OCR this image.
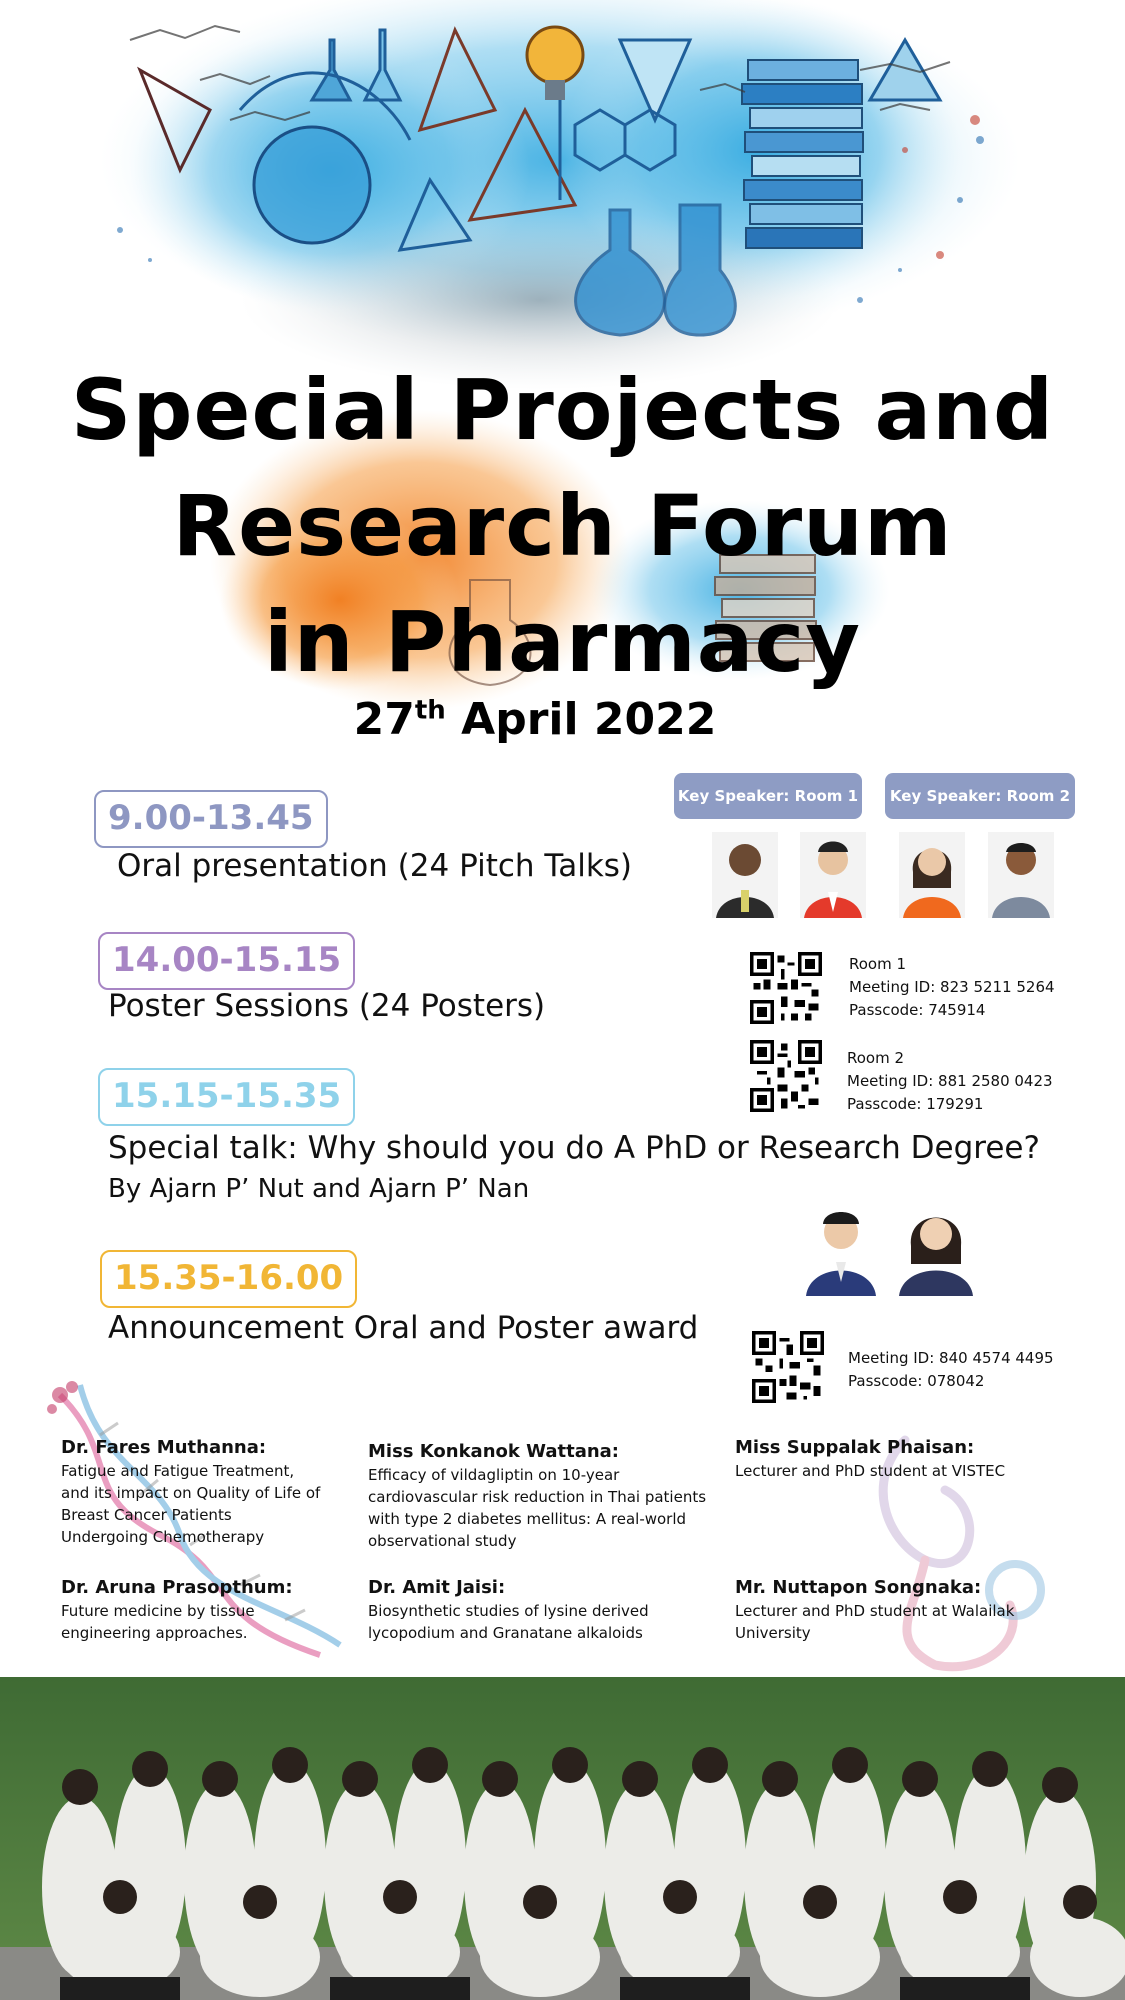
Special Projects and
Research Forum
in Pharmacy
27th April 2022
9.00-13.45
Oral presentation (24 Pitch Talks)
14.00-15.15
Poster Sessions (24 Posters)
15.15-15.35
Special talk: Why should you do A PhD or Research Degree?
By Ajarn P’ Nut and Ajarn P’ Nan
15.35-16.00
Announcement Oral and Poster award
Key Speaker: Room 1	Key Speaker: Room 2
Room 1
Meeting ID: 823 5211 5264
Passcode: 745914
Room 2
Meeting ID: 881 2580 0423
Passcode: 179291
Meeting ID: 840 4574 4495
Passcode: 078042
Dr. Fares Muthanna:
Fatigue and Fatigue Treatment,
and its impact on Quality of Life of
Breast Cancer Patients
Undergoing Chemotherapy
Dr. Aruna Prasopthum:
Future medicine by tissue
engineering approaches.
Miss Konkanok Wattana:
Efficacy of vildagliptin on 10-year
cardiovascular risk reduction in Thai patients
with type 2 diabetes mellitus: A real-world
observational study
Dr. Amit Jaisi:
Biosynthetic studies of lysine derived
lycopodium and Granatane alkaloids
Miss Suppalak Phaisan:
Lecturer and PhD student at VISTEC
Mr. Nuttapon Songnaka:
Lecturer and PhD student at Walailak
University
